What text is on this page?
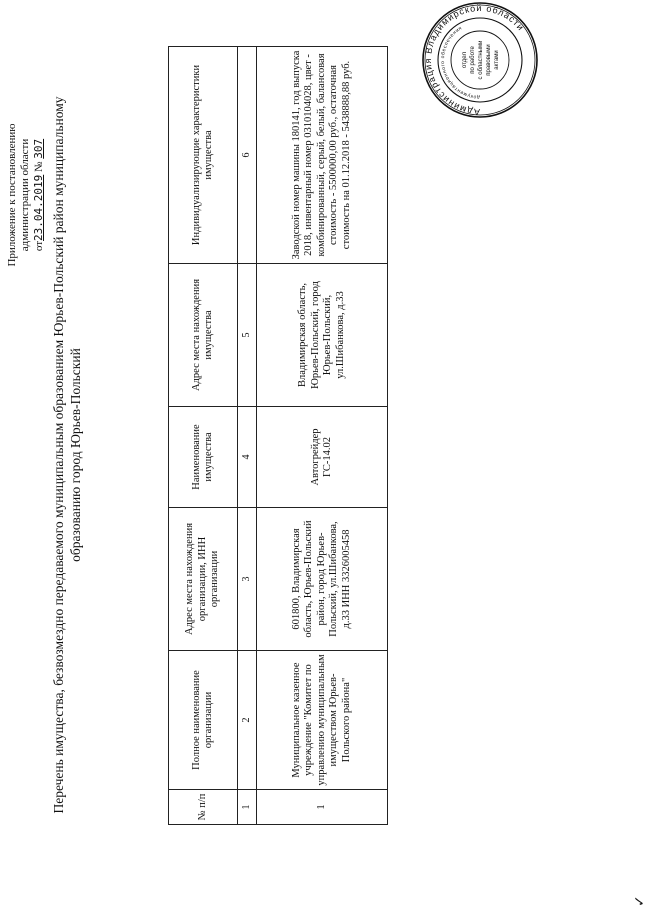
Приложение к постановлению администрации области от23.04.2019 № 307 Перечень имущества, безвозмездно передаваемого муниципальным образованием Юрьев-Польский район муниципальному образованию город Юрьев-Польский
№ п/п	Полное наименование организации	Адрес места нахождения организации, ИНН организации	Наименование имущества	Адрес места нахождения имущества	Индивидуализирующие характеристики имущества
1	2	3	4	5	6
1	Муниципальное казенное учреждение "Комитет по управлению муниципальным имуществом Юрьев-Польского района"	601800, Владимирская область, Юрьев-Польский район, город Юрьев-Польский, ул.Шибанкова, д.33 ИНН 3326005458	Автогрейдер ГС-14.02	Владимирская область, Юрьев-Польский, город Юрьев-Польский, ул.Шибанкова, д.33	Заводской номер машины 180141, год выпуска 2018, инвентарный номер 0310104028, цвет - комбинированный, серый, белый, балансовая стоимость - 5500000,00 руб., остаточная стоимость на 01.12.2018 - 5438888,88 руб.	Администрация Владимирской области
документационного обеспечения
отдел по работе с областными правовыми актами
✓
